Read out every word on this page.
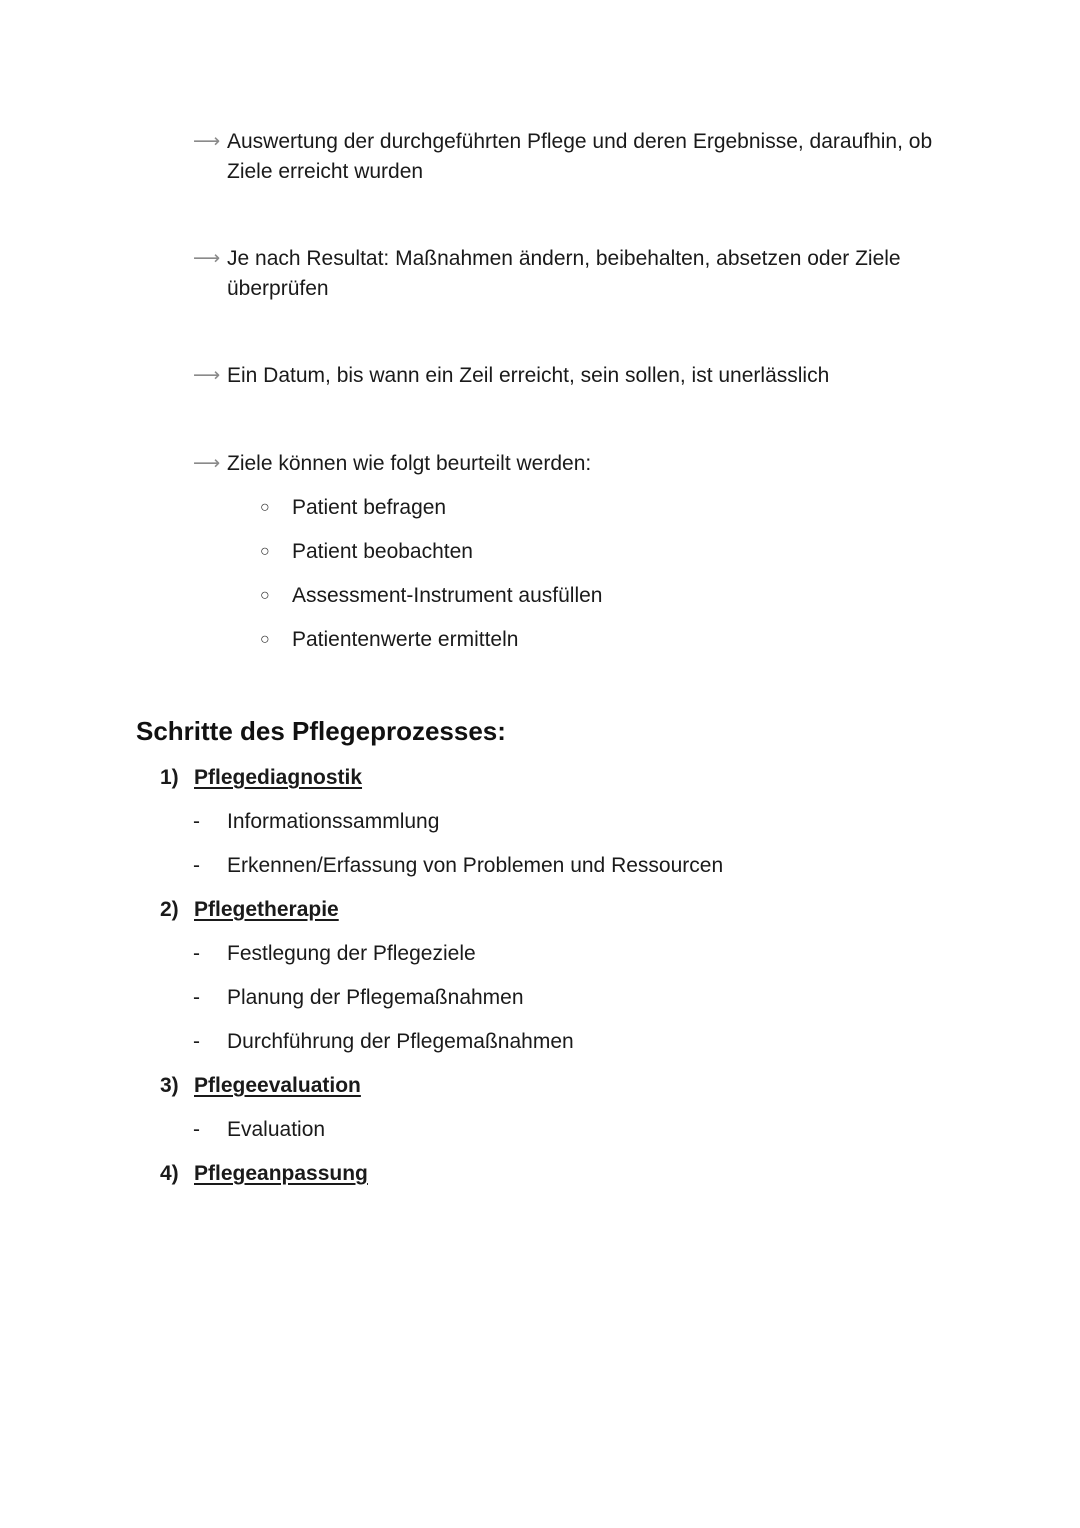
⟶ Auswertung der durchgeführten Pflege und deren Ergebnisse, daraufhin, ob Ziele erreicht wurden
⟶ Je nach Resultat: Maßnahmen ändern, beibehalten, absetzen oder Ziele überprüfen
⟶ Ein Datum, bis wann ein Zeil erreicht, sein sollen, ist unerlässlich
⟶ Ziele können wie folgt beurteilt werden:
○ Patient befragen
○ Patient beobachten
○ Assessment-Instrument ausfüllen
○ Patientenwerte ermitteln
Schritte des Pflegeprozesses:
1) Pflegediagnostik
- Informationssammlung
- Erkennen/Erfassung von Problemen und Ressourcen
2) Pflegetherapie
- Festlegung der Pflegeziele
- Planung der Pflegemaßnahmen
- Durchführung der Pflegemaßnahmen
3) Pflegeevaluation
- Evaluation
4) Pflegeanpassung
